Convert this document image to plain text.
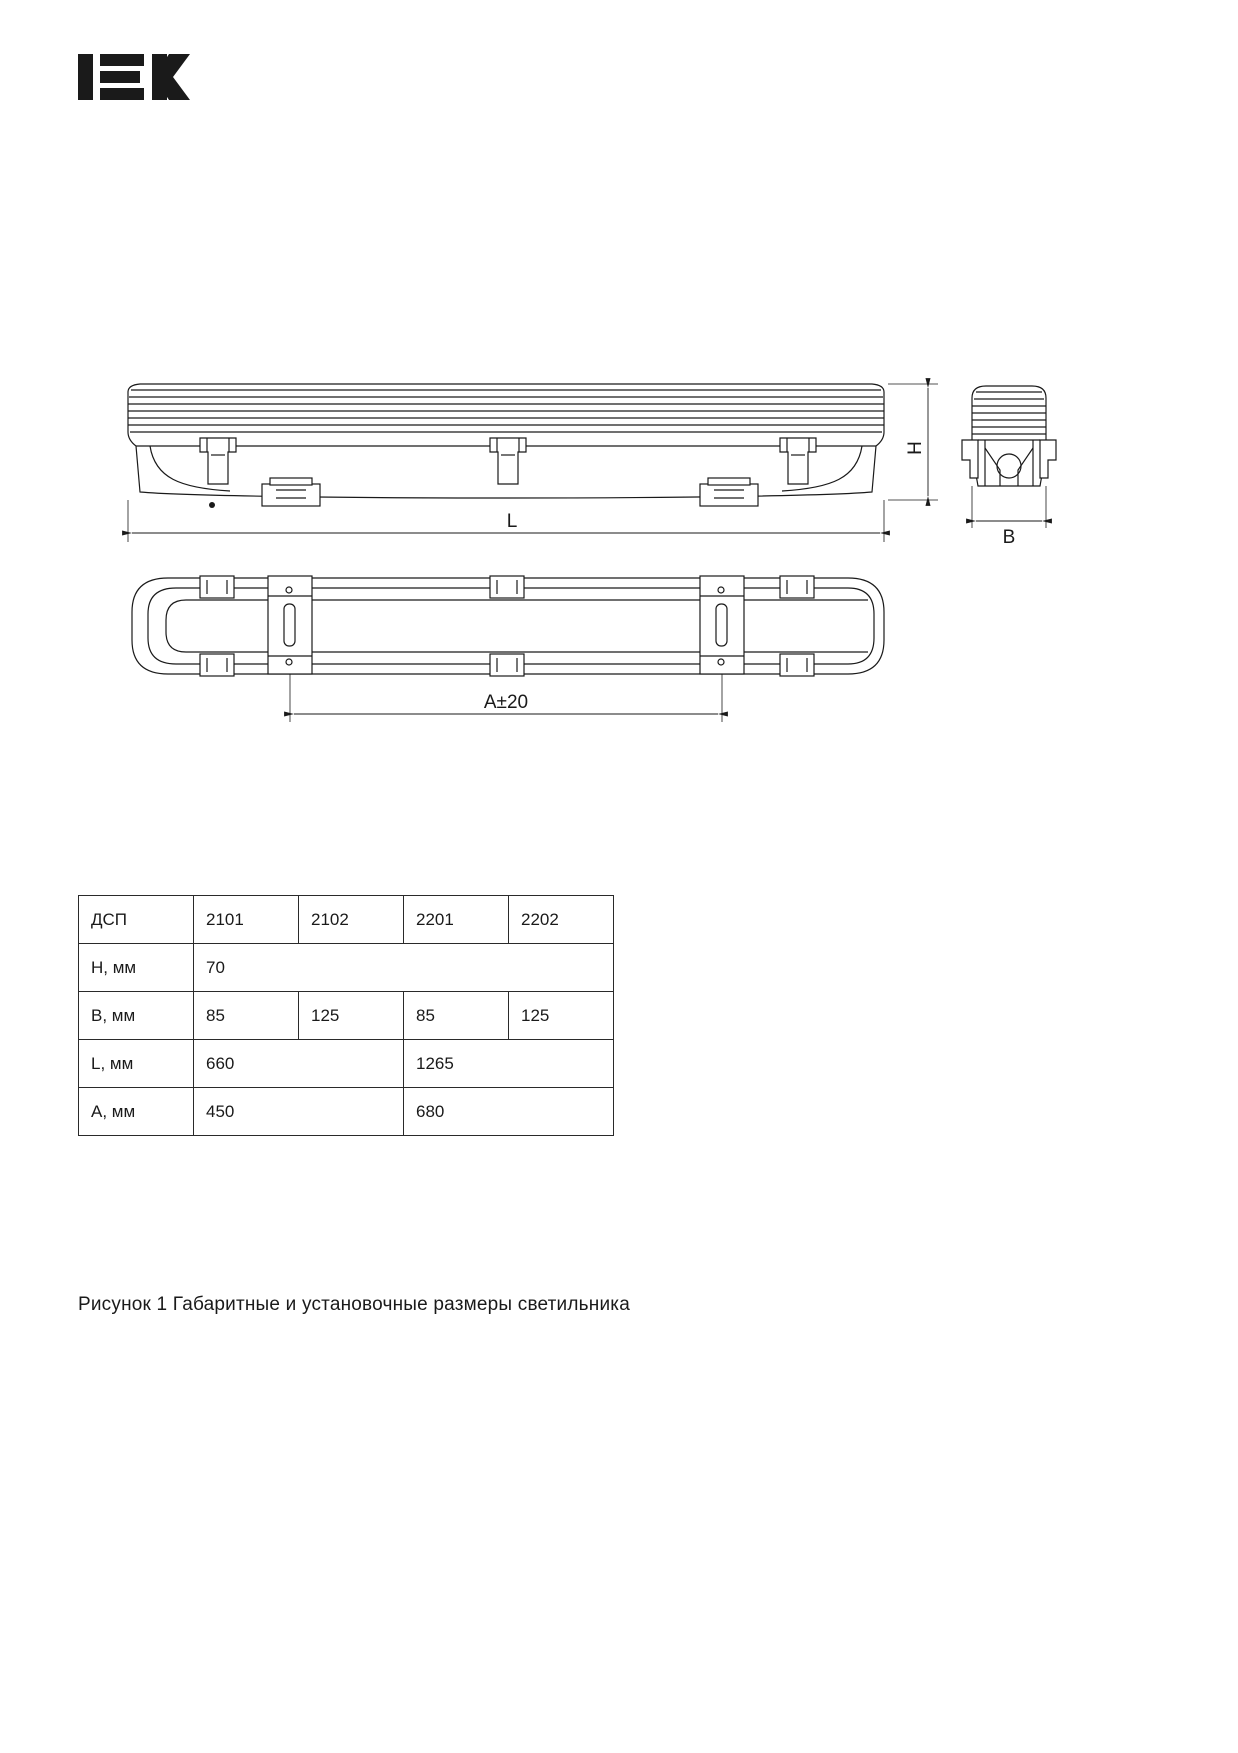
H
L
B
A±20
ДСП	2101	2102	2201	2202
H, мм	70			
B, мм	85	125	85	125
L, мм	660		1265	
A, мм	450		680	
Рисунок 1 Габаритные и установочные размеры светильника
